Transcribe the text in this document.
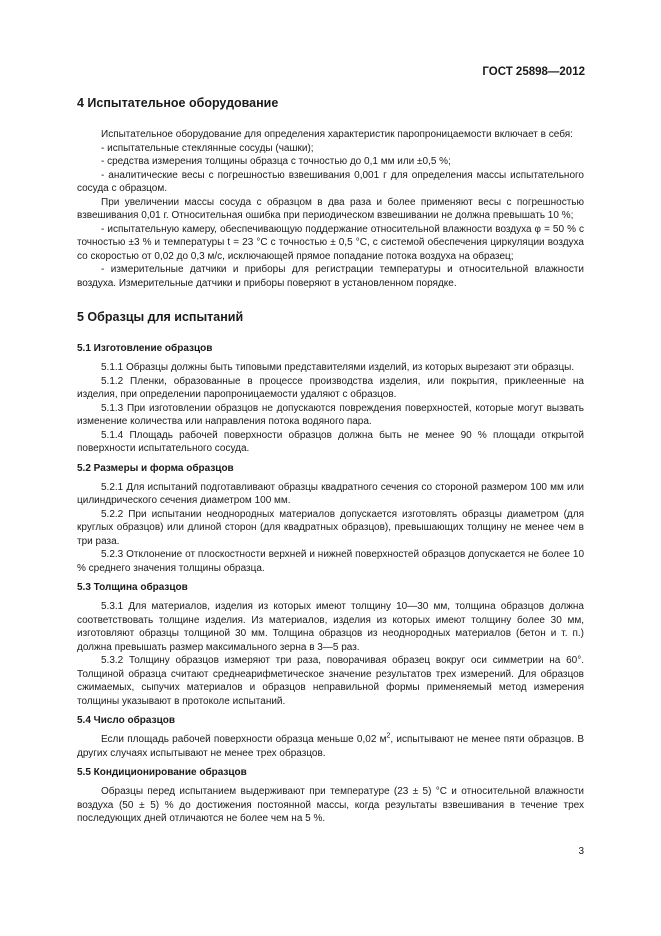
ГОСТ 25898—2012
4 Испытательное оборудование

Испытательное оборудование для определения характеристик паропроницаемости включает в себя:

- испытательные стеклянные сосуды (чашки);

- средства измерения толщины образца с точностью до 0,1 мм или ±0,5 %;

- аналитические весы с погрешностью взвешивания 0,001 г для определения массы испытательного сосуда с образцом.

При увеличении массы сосуда с образцом в два раза и более применяют весы с погрешностью взвешивания 0,01 г. Относительная ошибка при периодическом взвешивании не должна превышать 10 %;

- испытательную камеру, обеспечивающую поддержание относительной влажности воздуха φ = 50 % с точностью ±3 % и температуры t = 23 °С с точностью ± 0,5 °С, с системой обеспечения циркуляции воздуха со скоростью от 0,02 до 0,3 м/с, исключающей прямое попадание потока воздуха на образец;

- измерительные датчики и приборы для регистрации температуры и относительной влажности воздуха. Измерительные датчики и приборы поверяют в установленном порядке.

5 Образцы для испытаний
5.1 Изготовление образцов

5.1.1 Образцы должны быть типовыми представителями изделий, из которых вырезают эти образцы.

5.1.2 Пленки, образованные в процессе производства изделия, или покрытия, приклеенные на изделия, при определении паропроницаемости удаляют с образцов.

5.1.3 При изготовлении образцов не допускаются повреждения поверхностей, которые могут вызвать изменение количества или направления потока водяного пара.

5.1.4 Площадь рабочей поверхности образцов должна быть не менее 90 % площади открытой поверхности испытательного сосуда.

5.2 Размеры и форма образцов

5.2.1 Для испытаний подготавливают образцы квадратного сечения со стороной размером 100 мм или цилиндрического сечения диаметром 100 мм.

5.2.2 При испытании неоднородных материалов допускается изготовлять образцы диаметром (для круглых образцов) или длиной сторон (для квадратных образцов), превышающих толщину не менее чем в три раза.

5.2.3 Отклонение от плоскостности верхней и нижней поверхностей образцов допускается не более 10 % среднего значения толщины образца.

5.3 Толщина образцов

5.3.1 Для материалов, изделия из которых имеют толщину 10—30 мм, толщина образцов должна соответствовать толщине изделия. Из материалов, изделия из которых имеют толщину более 30 мм, изготовляют образцы толщиной 30 мм. Толщина образцов из неоднородных материалов (бетон и т. п.) должна превышать размер максимального зерна в 3—5 раз.

5.3.2 Толщину образцов измеряют три раза, поворачивая образец вокруг оси симметрии на 60°. Толщиной образца считают среднеарифметическое значение результатов трех измерений. Для образцов сжимаемых, сыпучих материалов и образцов неправильной формы применяемый метод измерения толщины указывают в протоколе испытаний.

5.4 Число образцов

Если площадь рабочей поверхности образца меньше 0,02 $м^2$, испытывают не менее пяти образцов. В других случаях испытывают не менее трех образцов.

5.5 Кондиционирование образцов

Образцы перед испытанием выдерживают при температуре (23 ± 5) °С и относительной влажности воздуха (50 ± 5) % до достижения постоянной массы, когда результаты взвешивания в течение трех последующих дней отличаются не более чем на 5 %.

3
